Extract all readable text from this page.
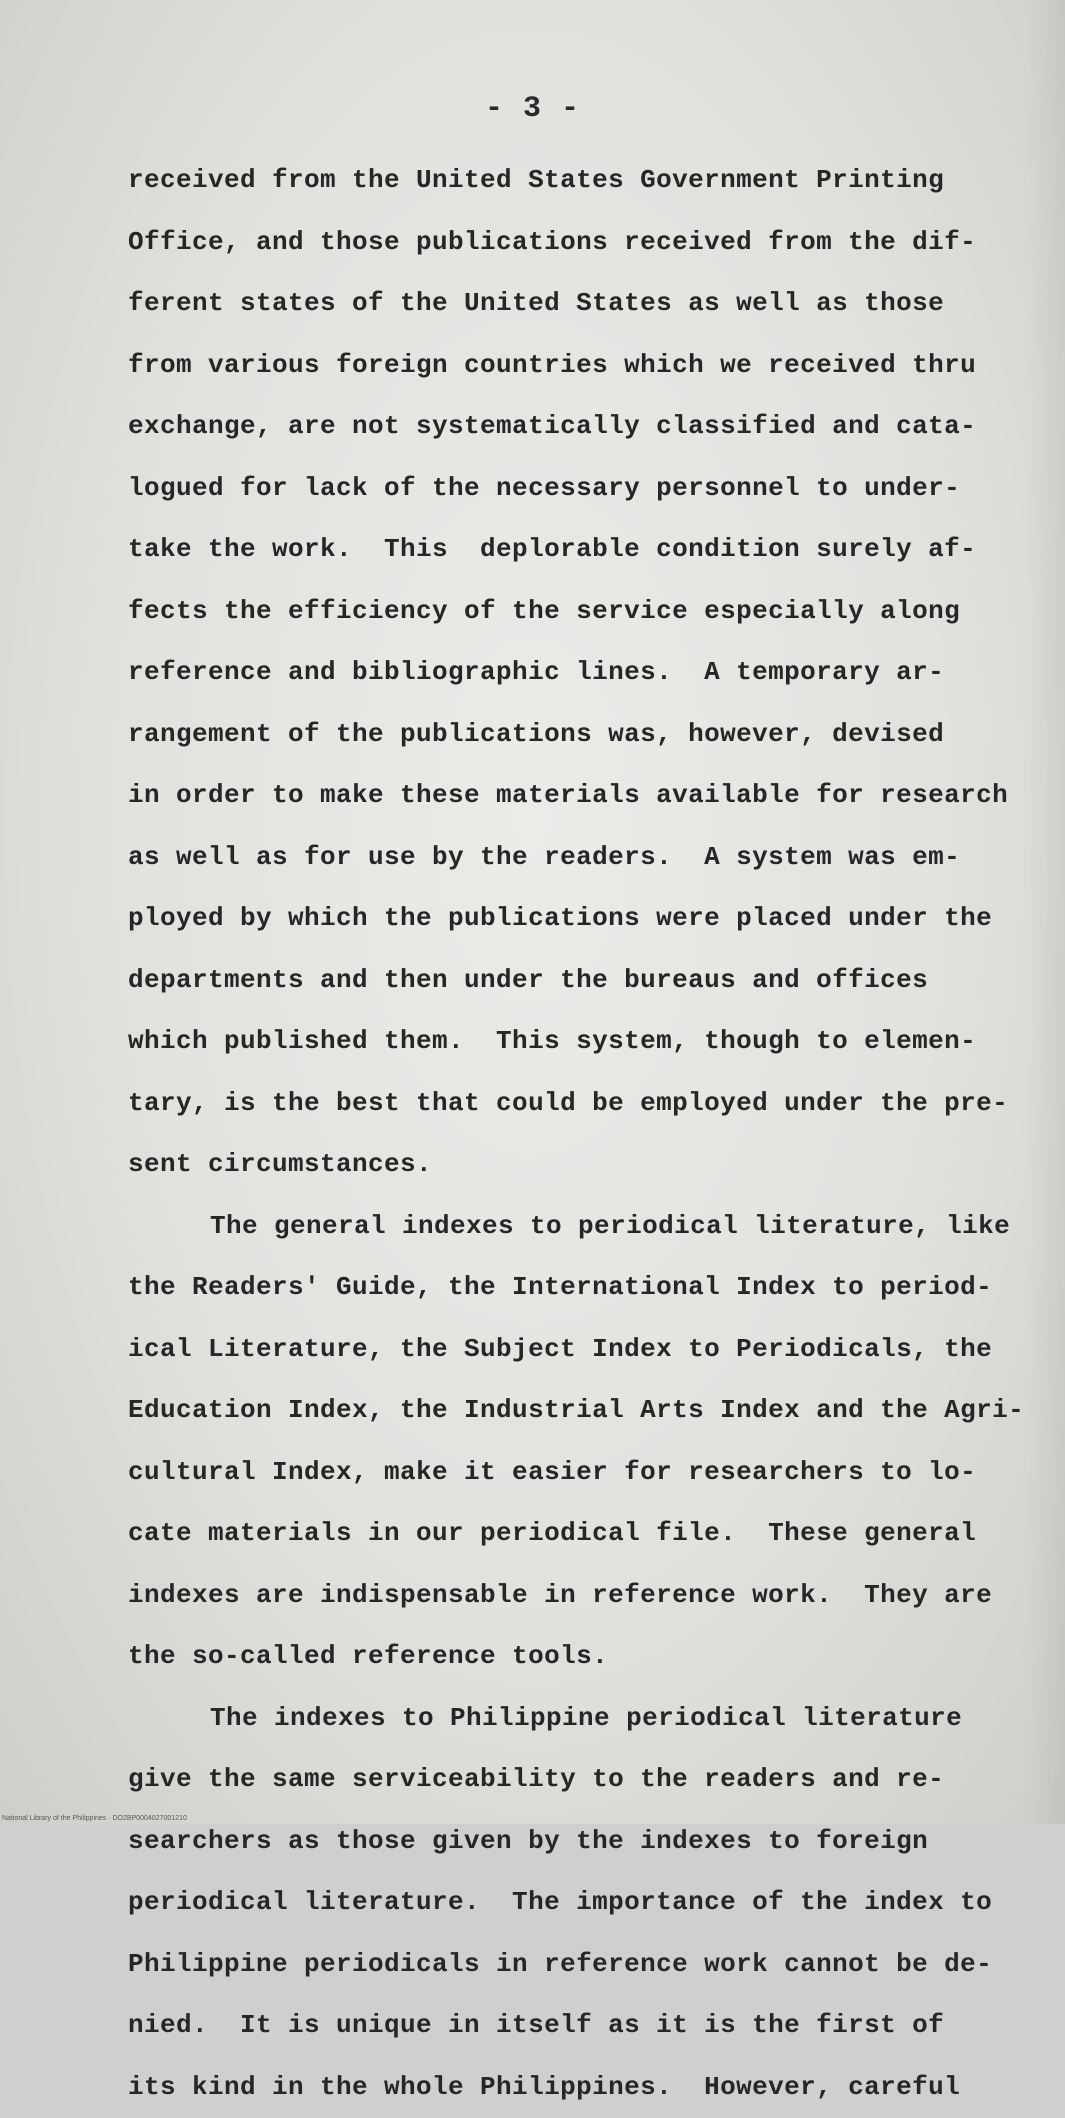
- 3 -
received from the United States Government Printing
Office, and those publications received from the dif-
ferent states of the United States as well as those
from various foreign countries which we received thru
exchange, are not systematically classified and cata-
logued for lack of the necessary personnel to under-
take the work.  This  deplorable condition surely af-
fects the efficiency of the service especially along
reference and bibliographic lines.  A temporary ar-
rangement of the publications was, however, devised
in order to make these materials available for research
as well as for use by the readers.  A system was em-
ployed by which the publications were placed under the
departments and then under the bureaus and offices
which published them.  This system, though to elemen-
tary, is the best that could be employed under the pre-
sent circumstances.
The general indexes to periodical literature, like
the Readers' Guide, the International Index to period-
ical Literature, the Subject Index to Periodicals, the
Education Index, the Industrial Arts Index and the Agri-
cultural Index, make it easier for researchers to lo-
cate materials in our periodical file.  These general
indexes are indispensable in reference work.  They are
the so-called reference tools.
The indexes to Philippine periodical literature
give the same serviceability to the readers and re-
searchers as those given by the indexes to foreign
periodical literature.  The importance of the index to
Philippine periodicals in reference work cannot be de-
nied.  It is unique in itself as it is the first of
its kind in the whole Philippines.  However, careful
National Library of the Philippines · DO2BP0004027001210
